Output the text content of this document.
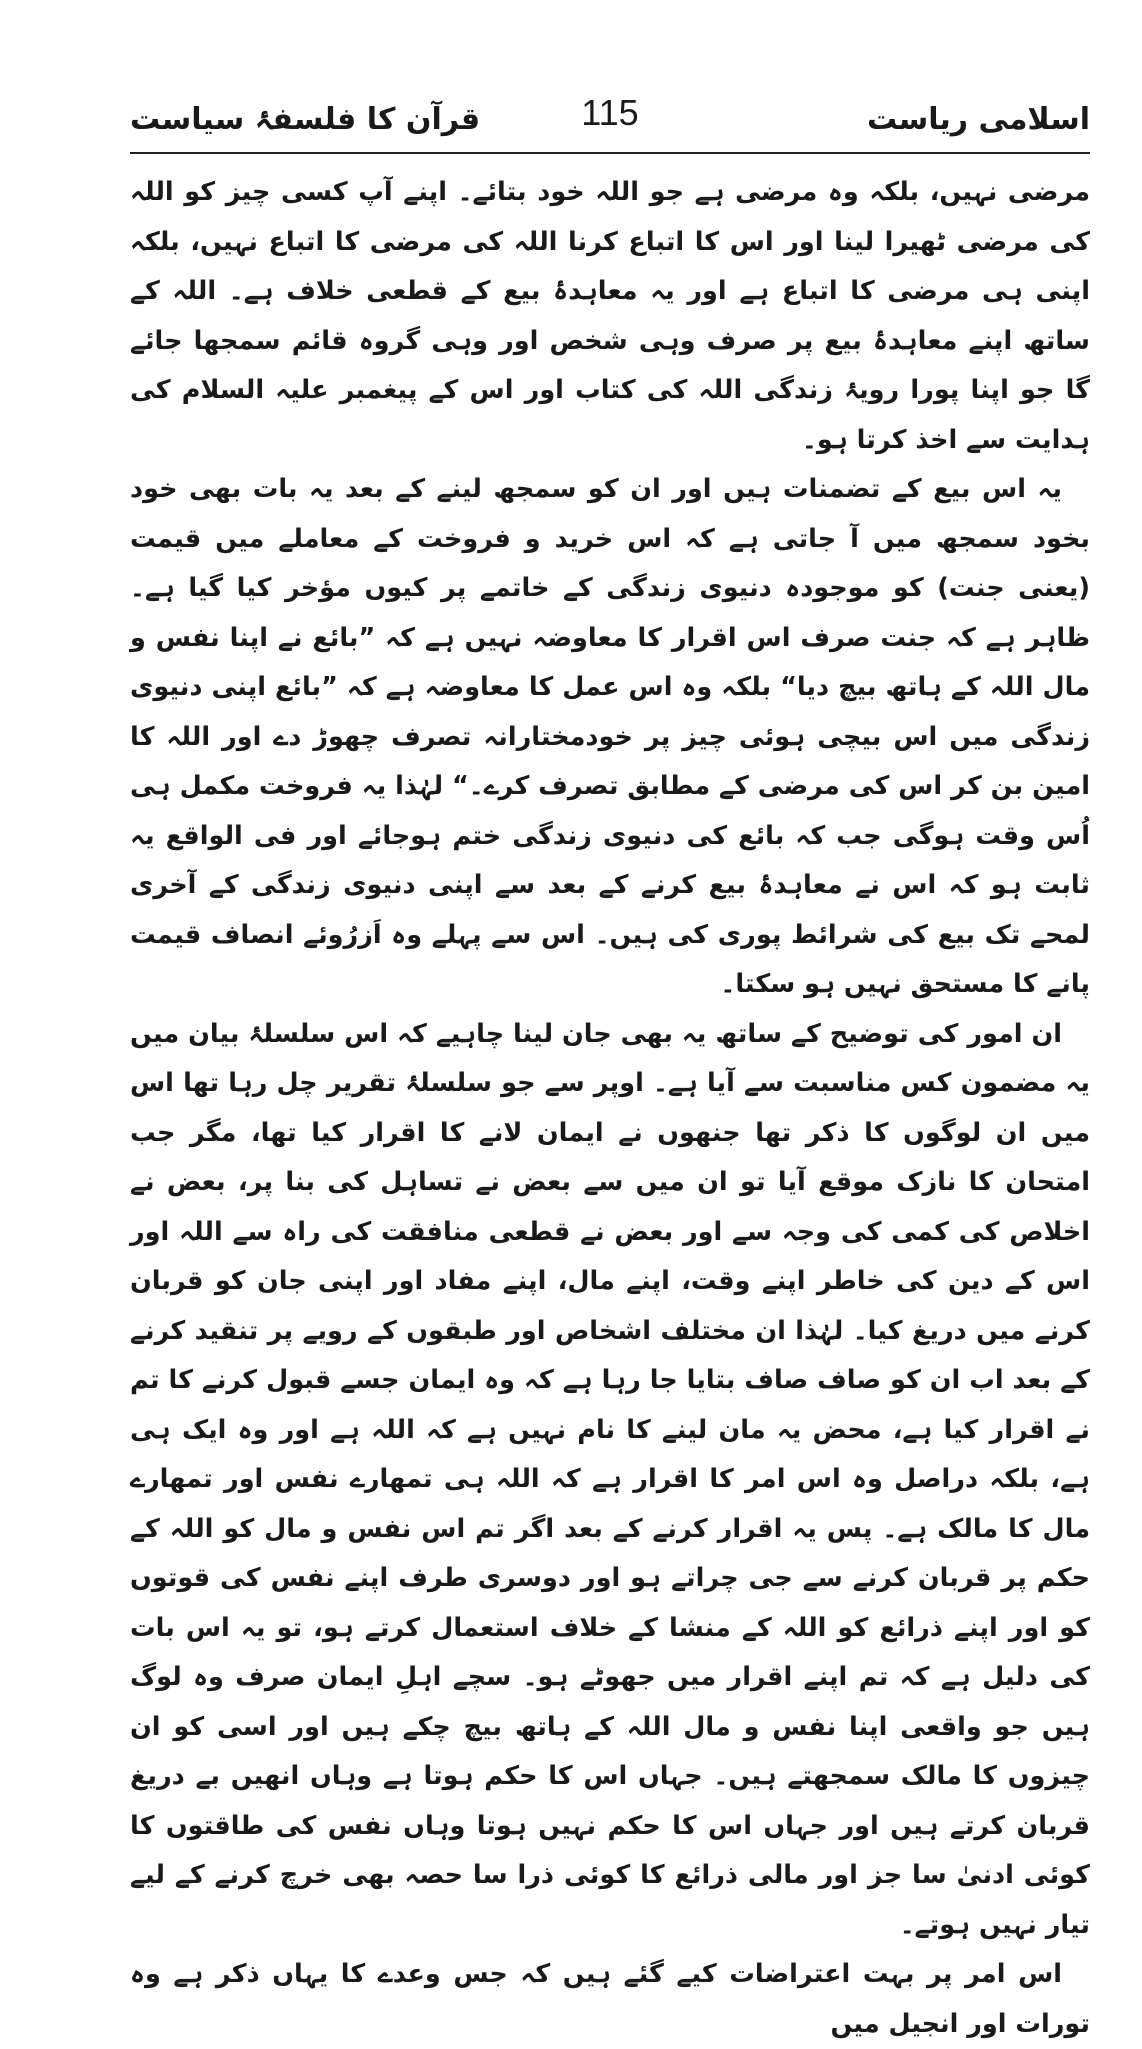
اسلامی ریاست
115
قرآن کا فلسفۂ سیاست

مرضی نہیں، بلکہ وہ مرضی ہے جو اللہ خود بتائے۔ اپنے آپ کسی چیز کو اللہ کی مرضی ٹھیرا لینا اور اس کا اتباع کرنا اللہ کی مرضی کا اتباع نہیں، بلکہ اپنی ہی مرضی کا اتباع ہے اور یہ معاہدۂ بیع کے قطعی خلاف ہے۔ اللہ کے ساتھ اپنے معاہدۂ بیع پر صرف وہی شخص اور وہی گروہ قائم سمجھا جائے گا جو اپنا پورا رویۂ زندگی اللہ کی کتاب اور اس کے پیغمبر علیہ السلام کی ہدایت سے اخذ کرتا ہو۔

یہ اس بیع کے تضمنات ہیں اور ان کو سمجھ لینے کے بعد یہ بات بھی خود بخود سمجھ میں آ جاتی ہے کہ اس خرید و فروخت کے معاملے میں قیمت (یعنی جنت) کو موجودہ دنیوی زندگی کے خاتمے پر کیوں مؤخر کیا گیا ہے۔ ظاہر ہے کہ جنت صرف اس اقرار کا معاوضہ نہیں ہے کہ ”بائع نے اپنا نفس و مال اللہ کے ہاتھ بیچ دیا“ بلکہ وہ اس عمل کا معاوضہ ہے کہ ”بائع اپنی دنیوی زندگی میں اس بیچی ہوئی چیز پر خودمختارانہ تصرف چھوڑ دے اور اللہ کا امین بن کر اس کی مرضی کے مطابق تصرف کرے۔“ لہٰذا یہ فروخت مکمل ہی اُس وقت ہوگی جب کہ بائع کی دنیوی زندگی ختم ہوجائے اور فی الواقع یہ ثابت ہو کہ اس نے معاہدۂ بیع کرنے کے بعد سے اپنی دنیوی زندگی کے آخری لمحے تک بیع کی شرائط پوری کی ہیں۔ اس سے پہلے وہ اَزرُوئے انصاف قیمت پانے کا مستحق نہیں ہو سکتا۔

ان امور کی توضیح کے ساتھ یہ بھی جان لینا چاہیے کہ اس سلسلۂ بیان میں یہ مضمون کس مناسبت سے آیا ہے۔ اوپر سے جو سلسلۂ تقریر چل رہا تھا اس میں ان لوگوں کا ذکر تھا جنھوں نے ایمان لانے کا اقرار کیا تھا، مگر جب امتحان کا نازک موقع آیا تو ان میں سے بعض نے تساہل کی بنا پر، بعض نے اخلاص کی کمی کی وجہ سے اور بعض نے قطعی منافقت کی راہ سے اللہ اور اس کے دین کی خاطر اپنے وقت، اپنے مال، اپنے مفاد اور اپنی جان کو قربان کرنے میں دریغ کیا۔ لہٰذا ان مختلف اشخاص اور طبقوں کے رویے پر تنقید کرنے کے بعد اب ان کو صاف صاف بتایا جا رہا ہے کہ وہ ایمان جسے قبول کرنے کا تم نے اقرار کیا ہے، محض یہ مان لینے کا نام نہیں ہے کہ اللہ ہے اور وہ ایک ہی ہے، بلکہ دراصل وہ اس امر کا اقرار ہے کہ اللہ ہی تمھارے نفس اور تمھارے مال کا مالک ہے۔ پس یہ اقرار کرنے کے بعد اگر تم اس نفس و مال کو اللہ کے حکم پر قربان کرنے سے جی چراتے ہو اور دوسری طرف اپنے نفس کی قوتوں کو اور اپنے ذرائع کو اللہ کے منشا کے خلاف استعمال کرتے ہو، تو یہ اس بات کی دلیل ہے کہ تم اپنے اقرار میں جھوٹے ہو۔ سچے اہلِ ایمان صرف وہ لوگ ہیں جو واقعی اپنا نفس و مال اللہ کے ہاتھ بیچ چکے ہیں اور اسی کو ان چیزوں کا مالک سمجھتے ہیں۔ جہاں اس کا حکم ہوتا ہے وہاں انھیں بے دریغ قربان کرتے ہیں اور جہاں اس کا حکم نہیں ہوتا وہاں نفس کی طاقتوں کا کوئی ادنیٰ سا جز اور مالی ذرائع کا کوئی ذرا سا حصہ بھی خرچ کرنے کے لیے تیار نہیں ہوتے۔

اس امر پر بہت اعتراضات کیے گئے ہیں کہ جس وعدے کا یہاں ذکر ہے وہ تورات اور انجیل میں
